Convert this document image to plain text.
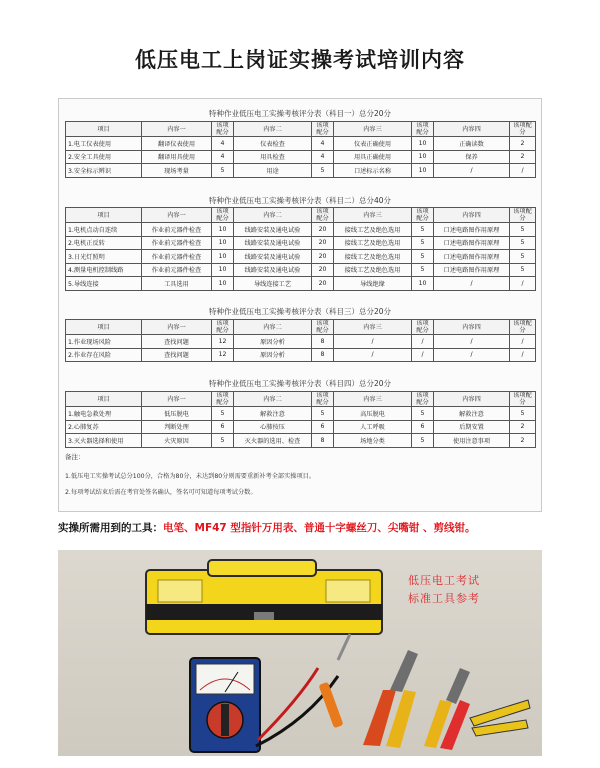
低压电工上岗证实操考试培训内容
特种作业低压电工实操考核评分表（科目一）总分20分
项目	内容一	该项配分	内容二	该项配分	内容三	该项配分	内容四	该项配分
1.电工仪表使用	翻译仪表使用	4	仪表检查	4	仪表正确使用	10	正确读数	2
2.安全工具使用	翻译用具使用	4	用具检查	4	用具正确使用	10	保养	2
3.安全标示辨识	现场考量	5	用途	5	口述标示名称	10	/	/
特种作业低压电工实操考核评分表（科目二）总分40分
项目	内容一	该项配分	内容二	该项配分	内容三	该项配分	内容四	该项配分
1.电机点动自连续	作业前元器件检查	10	线路安装及通电试验	20	接线工艺及绝色选用	5	口述电路图作用原理	5
2.电机正反转	作业前元器件检查	10	线路安装及通电试验	20	接线工艺及绝色选用	5	口述电路图作用原理	5
3.日光灯照明	作业前元器件检查	10	线路安装及通电试验	20	接线工艺及绝色选用	5	口述电路图作用原理	5
4.测量电机控制线路	作业前元器件检查	10	线路安装及通电试验	20	接线工艺及绝色选用	5	口述电路图作用原理	5
5.导线连接	工具选用	10	导线连接工艺	20	导线绝缘	10	/	/
特种作业低压电工实操考核评分表（科目三）总分20分
项目	内容一	该项配分	内容二	该项配分	内容三	该项配分	内容四	该项配分
1.作业现场风险	查找问题	12	原因分析	8	/	/	/	/
2.作业存在风险	查找问题	12	原因分析	8	/	/	/	/
特种作业低压电工实操考核评分表（科目四）总分20分
项目	内容一	该项配分	内容二	该项配分	内容三	该项配分	内容四	该项配分
1.触电急救处理	低压脱电	5	解救注意	5	高压脱电	5	解救注意	5
2.心肺复苏	判断处理	6	心肺按压	6	人工呼吸	6	后期安置	2
3.灭火器选择和使用	火灾原因	5	灭火器的选用、检查	8	场地分类	5	使用注意事项	2
备注：
1.低压电工实操考试总分100分，合格为80分，未达到80分则需要重新补考全部实操项目。
2.每项考试结束后需在考官处签名确认，签名可可知道每项考试分数。
实操所需用到的工具：电笔、MF47 型指针万用表、普通十字螺丝刀、尖嘴钳 、剪线钳。
低压电工考试
标准工具参考
